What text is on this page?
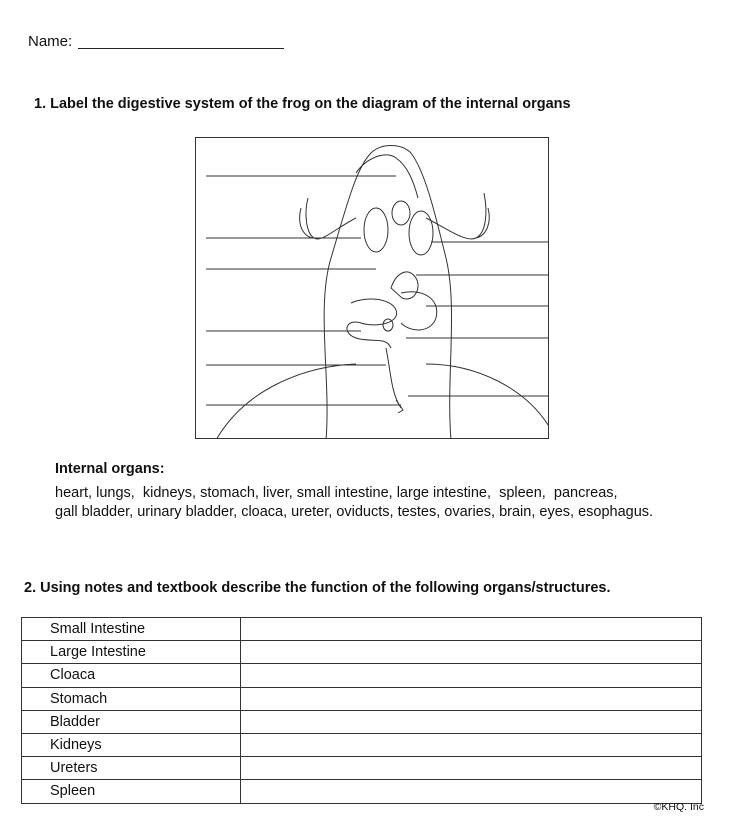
Name:
1. Label the digestive system of the frog on the diagram of the internal organs
Internal organs:
heart, lungs,  kidneys, stomach, liver, small intestine, large intestine,  spleen,  pancreas,
gall bladder, urinary bladder, cloaca, ureter, oviducts, testes, ovaries, brain, eyes, esophagus.
2. Using notes and textbook describe the function of the following organs/structures.
Small Intestine	
Large Intestine	
Cloaca	
Stomach	
Bladder	
Kidneys	
Ureters	
Spleen	
©KHQ. Inc
